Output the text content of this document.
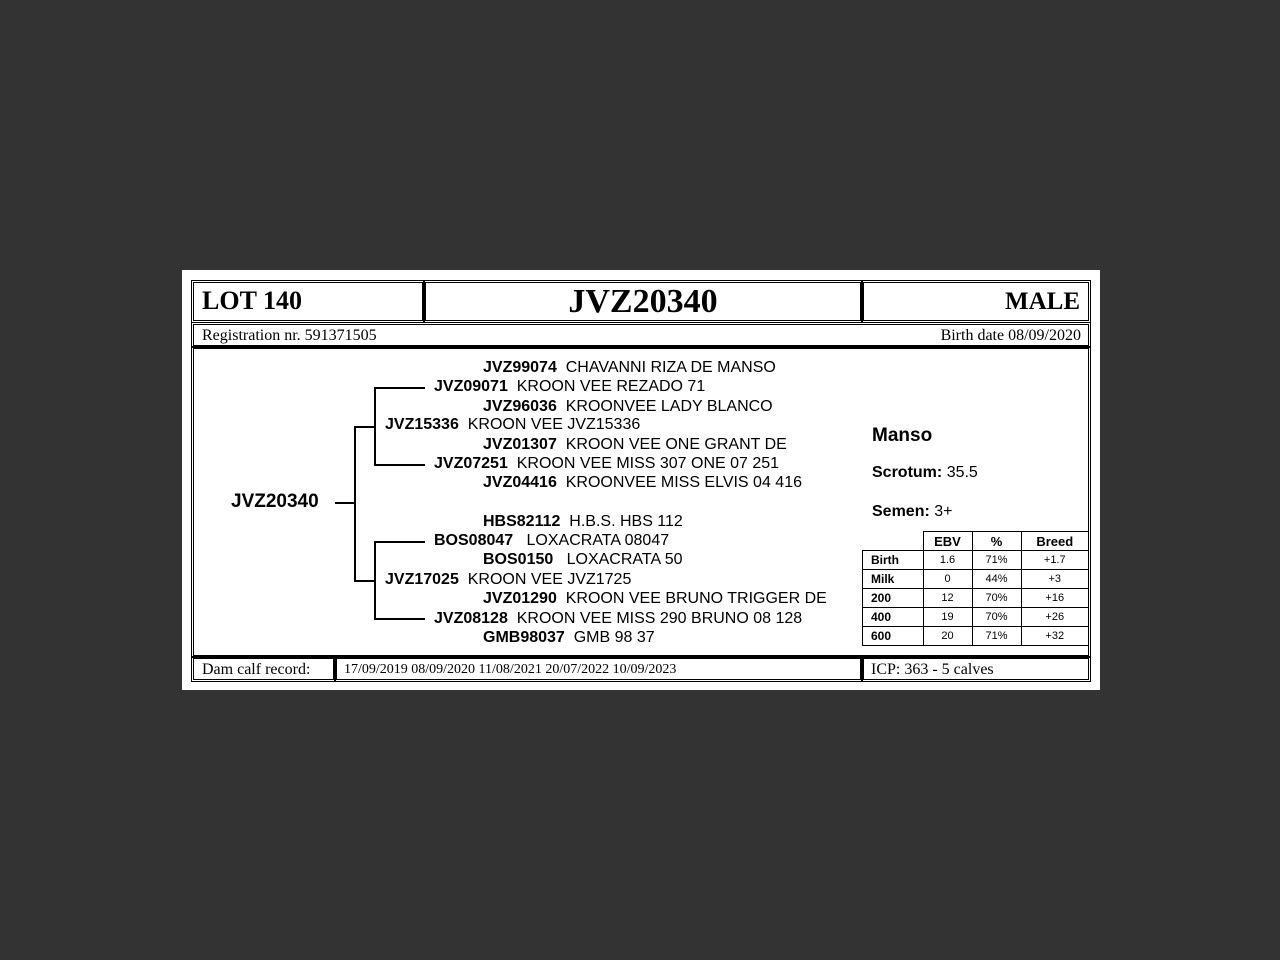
LOT 140	JVZ20340	MALE
Registration nr. 591371505	Birth date 08/09/2020
JVZ20340
JVZ99074 CHAVANNI RIZA DE MANSO
JVZ09071 KROON VEE REZADO 71
JVZ96036 KROONVEE LADY BLANCO
JVZ15336 KROON VEE JVZ15336
JVZ01307 KROON VEE ONE GRANT DE
JVZ07251 KROON VEE MISS 307 ONE 07 251
JVZ04416 KROONVEE MISS ELVIS 04 416
HBS82112 H.B.S. HBS 112
BOS08047 LOXACRATA 08047
BOS0150 LOXACRATA 50
JVZ17025 KROON VEE JVZ1725
JVZ01290 KROON VEE BRUNO TRIGGER DE
JVZ08128 KROON VEE MISS 290 BRUNO 08 128
GMB98037 GMB 98 37
Manso
Scrotum: 35.5
Semen: 3+
	EBV	%	Breed
Birth	1.6	71%	+1.7
Milk	0	44%	+3
200	12	70%	+16
400	19	70%	+26
600	20	71%	+32
Dam calf record: 17/09/2019 08/09/2020 11/08/2021 20/07/2022 10/09/2023	ICP: 363 - 5 calves
